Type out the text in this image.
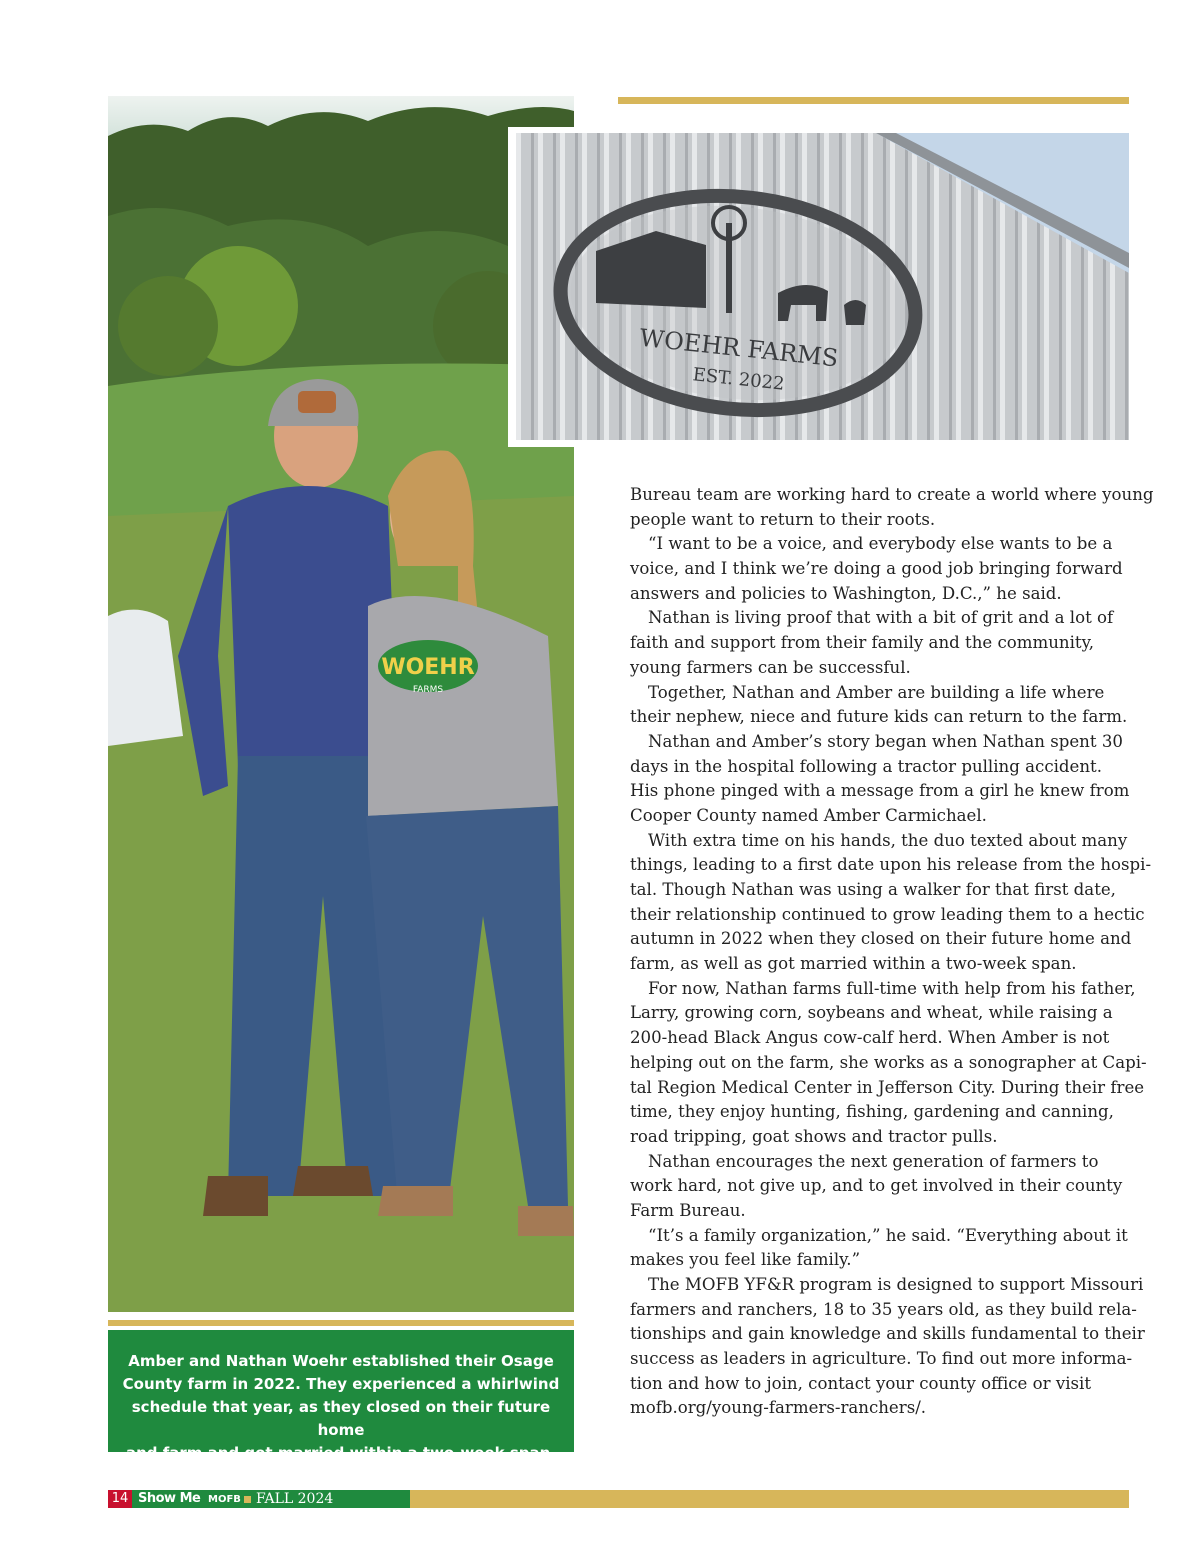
WOEHR
FARMS
WOEHR FARMS
EST. 2022
Amber and Nathan Woehr established their Osage
County farm in 2022. They experienced a whirlwind
schedule that year, as they closed on their future home
and farm and got married within a two-week span.
Bureau team are working hard to create a world where young
people want to return to their roots.
“I want to be a voice, and everybody else wants to be a
voice, and I think we’re doing a good job bringing forward
answers and policies to Washington, D.C.,” he said.
Nathan is living proof that with a bit of grit and a lot of
faith and support from their family and the community,
young farmers can be successful.
Together, Nathan and Amber are building a life where
their nephew, niece and future kids can return to the farm.
Nathan and Amber’s story began when Nathan spent 30
days in the hospital following a tractor pulling accident.
His phone pinged with a message from a girl he knew from
Cooper County named Amber Carmichael.
With extra time on his hands, the duo texted about many
things, leading to a first date upon his release from the hospi-
tal. Though Nathan was using a walker for that first date,
their relationship continued to grow leading them to a hectic
autumn in 2022 when they closed on their future home and
farm, as well as got married within a two-week span.
For now, Nathan farms full-time with help from his father,
Larry, growing corn, soybeans and wheat, while raising a
200-head Black Angus cow-calf herd. When Amber is not
helping out on the farm, she works as a sonographer at Capi-
tal Region Medical Center in Jefferson City. During their free
time, they enjoy hunting, fishing, gardening and canning,
road tripping, goat shows and tractor pulls.
Nathan encourages the next generation of farmers to
work hard, not give up, and to get involved in their county
Farm Bureau.
“It’s a family organization,” he said. “Everything about it
makes you feel like family.”
The MOFB YF&R program is designed to support Missouri
farmers and ranchers, 18 to 35 years old, as they build rela-
tionships and gain knowledge and skills fundamental to their
success as leaders in agriculture. To find out more informa-
tion and how to join, contact your county office or visit
mofb.org/young-farmers-ranchers/.
14 Show Me MOFB FALL 2024
